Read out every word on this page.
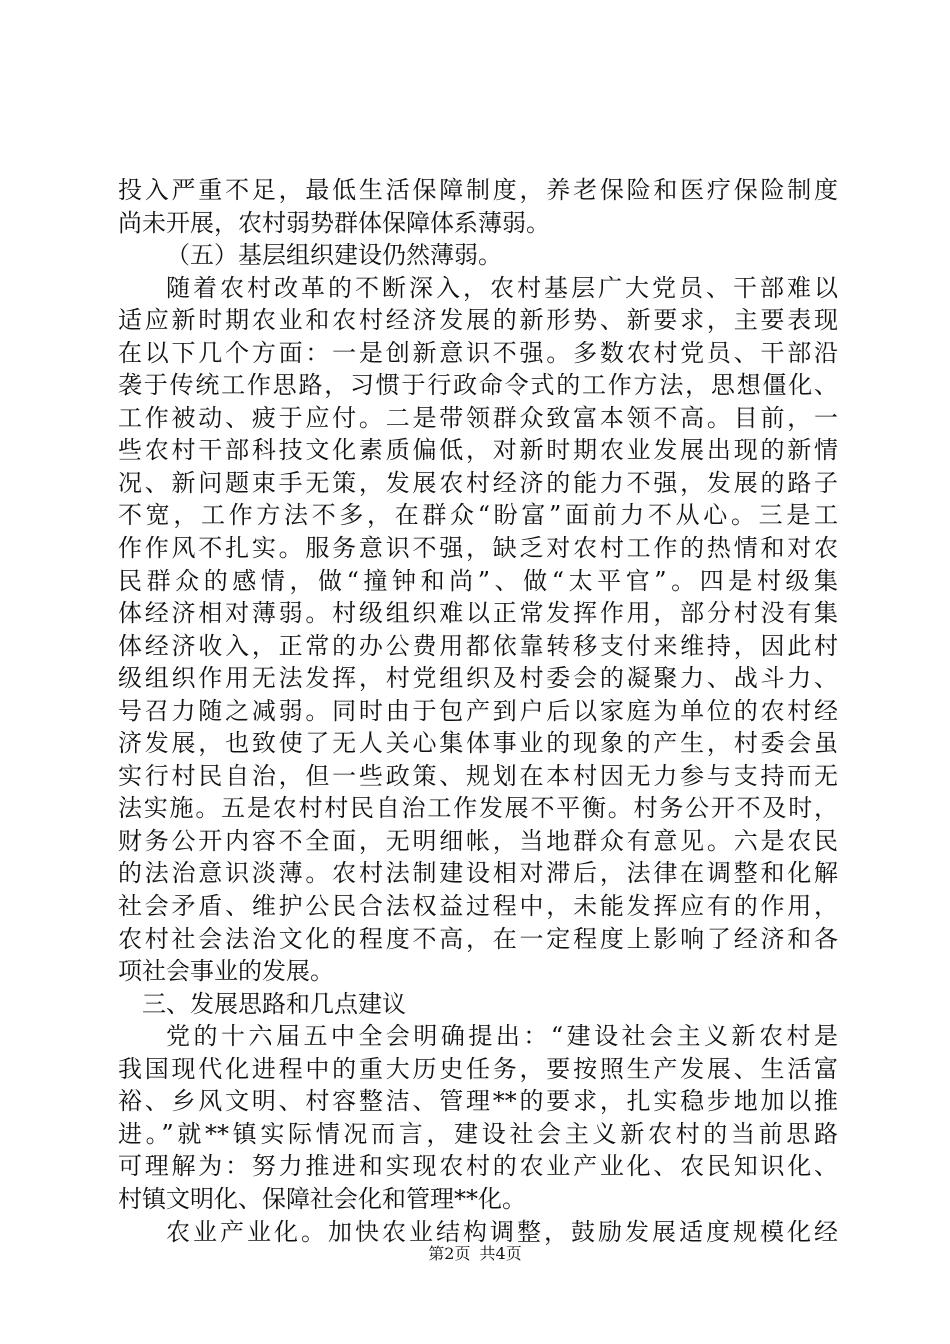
投入严重不足，最低生活保障制度，养老保险和医疗保险制度
尚未开展，农村弱势群体保障体系薄弱。
（五）基层组织建设仍然薄弱。
随着农村改革的不断深入，农村基层广大党员、干部难以
适应新时期农业和农村经济发展的新形势、新要求，主要表现
在以下几个方面：一是创新意识不强。多数农村党员、干部沿
袭于传统工作思路，习惯于行政命令式的工作方法，思想僵化、
工作被动、疲于应付。二是带领群众致富本领不高。目前，一
些农村干部科技文化素质偏低，对新时期农业发展出现的新情
况、新问题束手无策，发展农村经济的能力不强，发展的路子
不宽，工作方法不多，在群众“盼富”面前力不从心。三是工
作作风不扎实。服务意识不强，缺乏对农村工作的热情和对农
民群众的感情，做“撞钟和尚”、做“太平官”。四是村级集
体经济相对薄弱。村级组织难以正常发挥作用，部分村没有集
体经济收入，正常的办公费用都依靠转移支付来维持，因此村
级组织作用无法发挥，村党组织及村委会的凝聚力、战斗力、
号召力随之减弱。同时由于包产到户后以家庭为单位的农村经
济发展，也致使了无人关心集体事业的现象的产生，村委会虽
实行村民自治，但一些政策、规划在本村因无力参与支持而无
法实施。五是农村村民自治工作发展不平衡。村务公开不及时，
财务公开内容不全面，无明细帐，当地群众有意见。六是农民
的法治意识淡薄。农村法制建设相对滞后，法律在调整和化解
社会矛盾、维护公民合法权益过程中，未能发挥应有的作用，
农村社会法治文化的程度不高，在一定程度上影响了经济和各
项社会事业的发展。
三、发展思路和几点建议
党的十六届五中全会明确提出：“建设社会主义新农村是
我国现代化进程中的重大历史任务，要按照生产发展、生活富
裕、乡风文明、村容整洁、管理**的要求，扎实稳步地加以推
进。”就**镇实际情况而言，建设社会主义新农村的当前思路
可理解为：努力推进和实现农村的农业产业化、农民知识化、
村镇文明化、保障社会化和管理**化。
农业产业化。加快农业结构调整，鼓励发展适度规模化经
第2页 共4页
